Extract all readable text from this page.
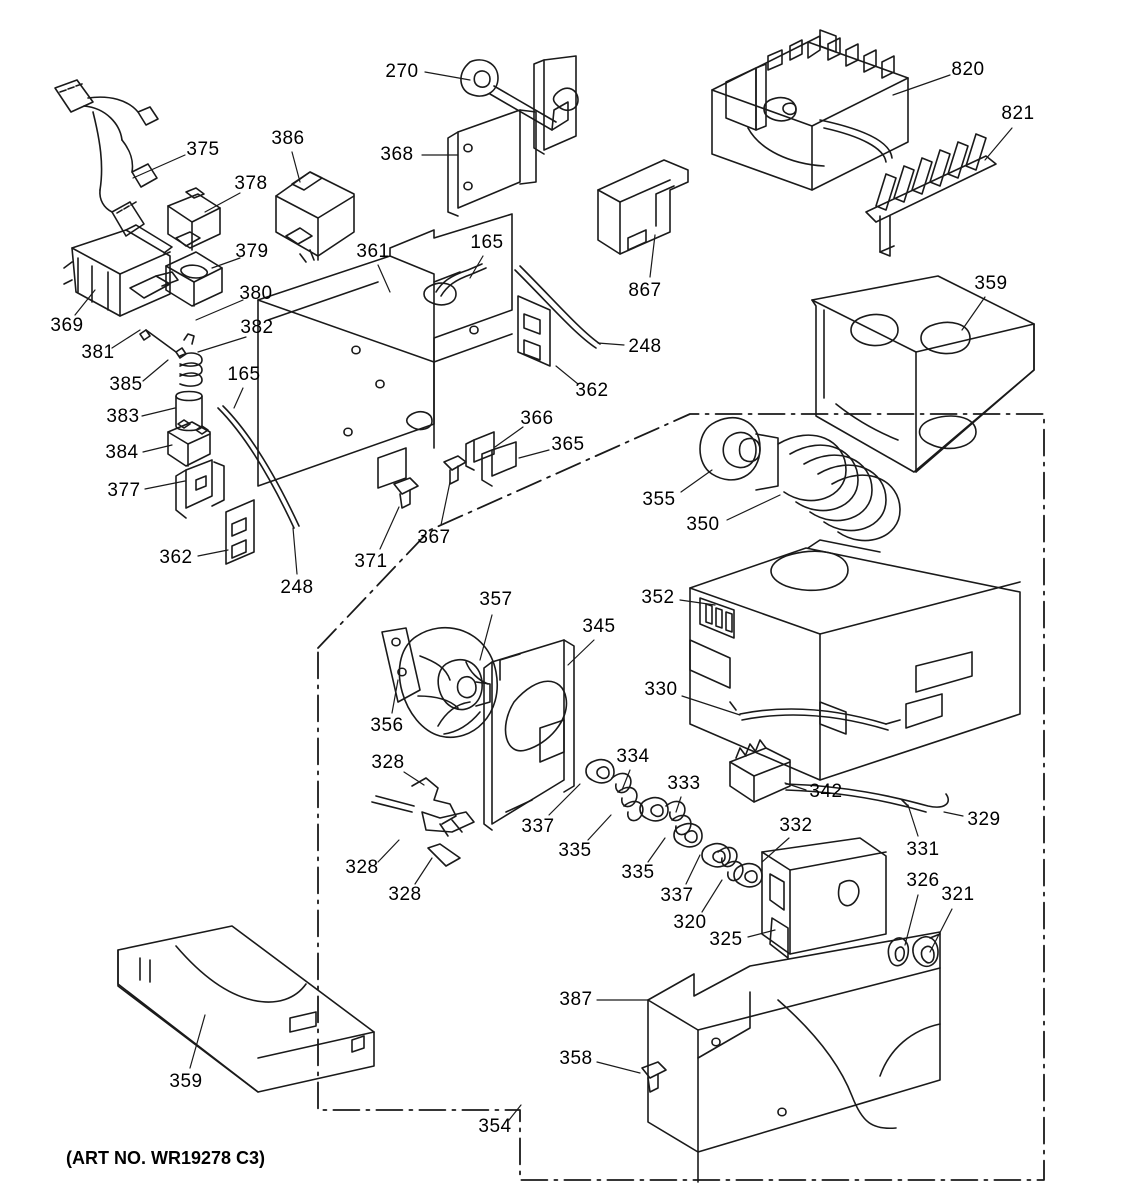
270
368
820
821
867
375
386
378
379
380
369
381
382
385
383
384
377
165
362
248
361	165
248
362
366
365
367
371
359
355
350
352
356
357
345
337
334
335
333
335
337
320
332
325
330
342
331
329
326
321
328
328
328
387
358
354
359
(ART NO. WR19278 C3)
